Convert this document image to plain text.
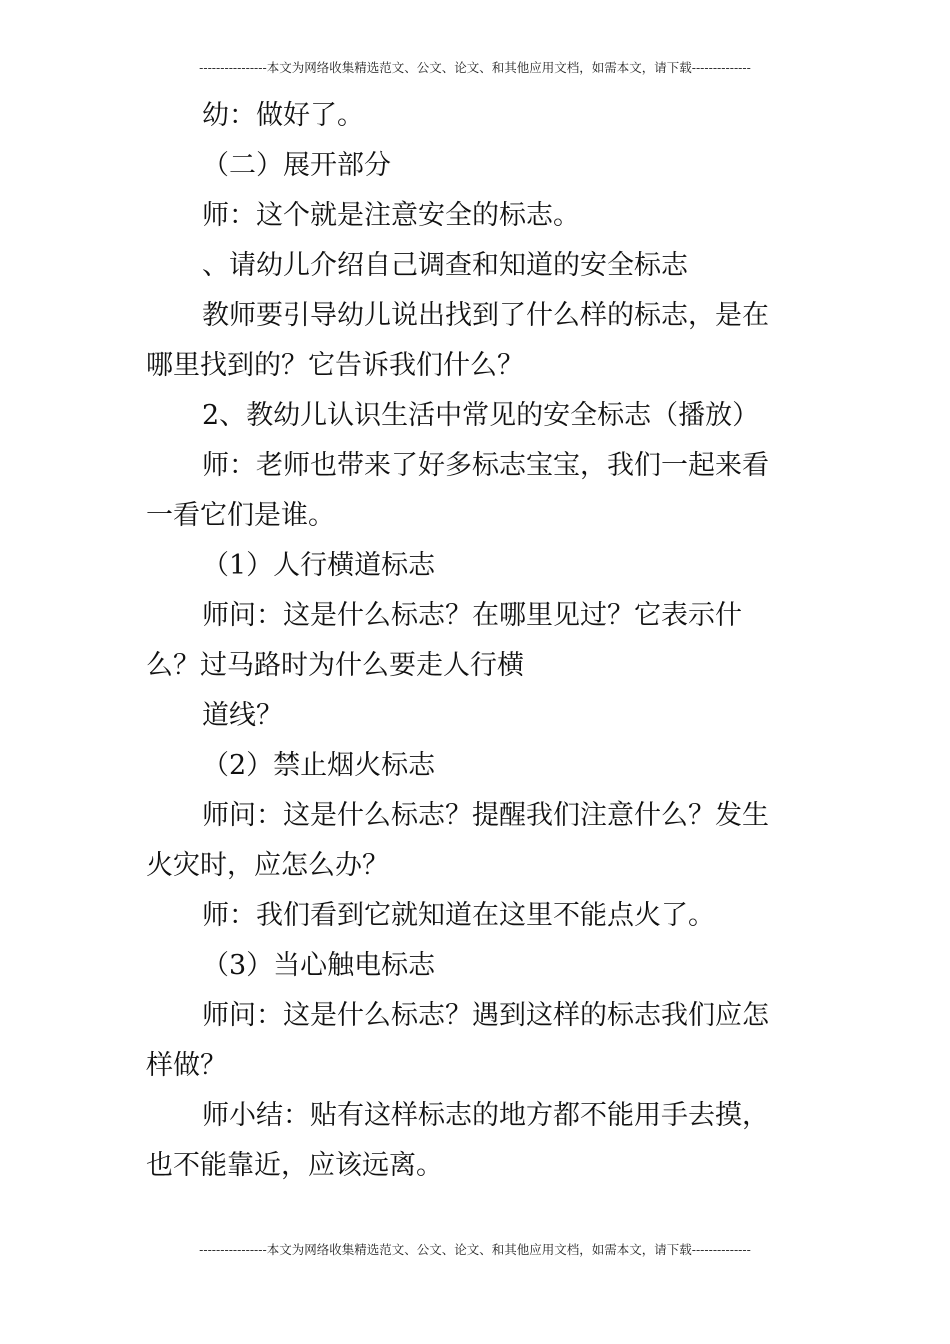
----------------本文为网络收集精选范文、公文、论文、和其他应用文档，如需本文，请下载--------------
幼：做好了。
（二）展开部分
师：这个就是注意安全的标志。
、请幼儿介绍自己调查和知道的安全标志
教师要引导幼儿说出找到了什么样的标志，是在
哪里找到的？它告诉我们什么？
2、教幼儿认识生活中常见的安全标志（播放）
师：老师也带来了好多标志宝宝，我们一起来看
一看它们是谁。
（1）人行横道标志
师问：这是什么标志？在哪里见过？它表示什
么？过马路时为什么要走人行横
道线？
（2）禁止烟火标志
师问：这是什么标志？提醒我们注意什么？发生
火灾时，应怎么办？
师：我们看到它就知道在这里不能点火了。
（3）当心触电标志
师问：这是什么标志？遇到这样的标志我们应怎
样做？
师小结：贴有这样标志的地方都不能用手去摸，
也不能靠近，应该远离。
----------------本文为网络收集精选范文、公文、论文、和其他应用文档，如需本文，请下载--------------
